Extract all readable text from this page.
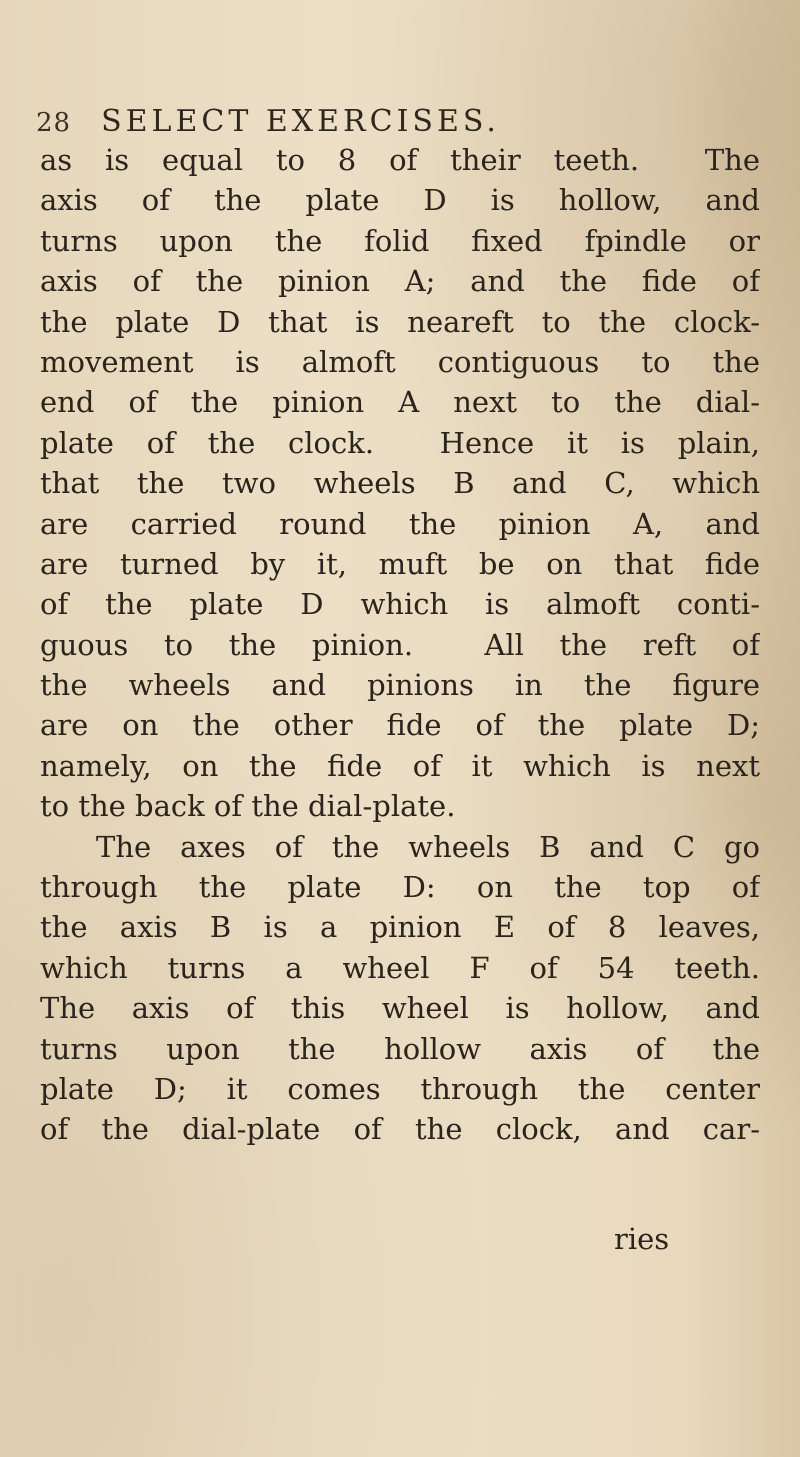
28 SELECT EXERCISES.
as is equal to 8 of their teeth.  The
axis of the plate D is hollow, and
turns upon the folid fixed fpindle or
axis of the pinion A; and the fide of
the plate D that is neareft to the clock-
movement is almoft contiguous to the
end of the pinion A next to the dial-
plate of the clock.  Hence it is plain,
that the two wheels B and C, which
are carried round the pinion A, and
are turned by it, muft be on that fide
of the plate D which is almoft conti-
guous to the pinion.  All the reft of
the wheels and pinions in the figure
are on the other fide of the plate D;
namely, on the fide of it which is next
to the back of the dial-plate.
The axes of the wheels B and C go
through the plate D: on the top of
the axis B is a pinion E of 8 leaves,
which turns a wheel F of 54 teeth.
The axis of this wheel is hollow, and
turns upon the hollow axis of the
plate D; it comes through the center
of the dial-plate of the clock, and car-
ries
